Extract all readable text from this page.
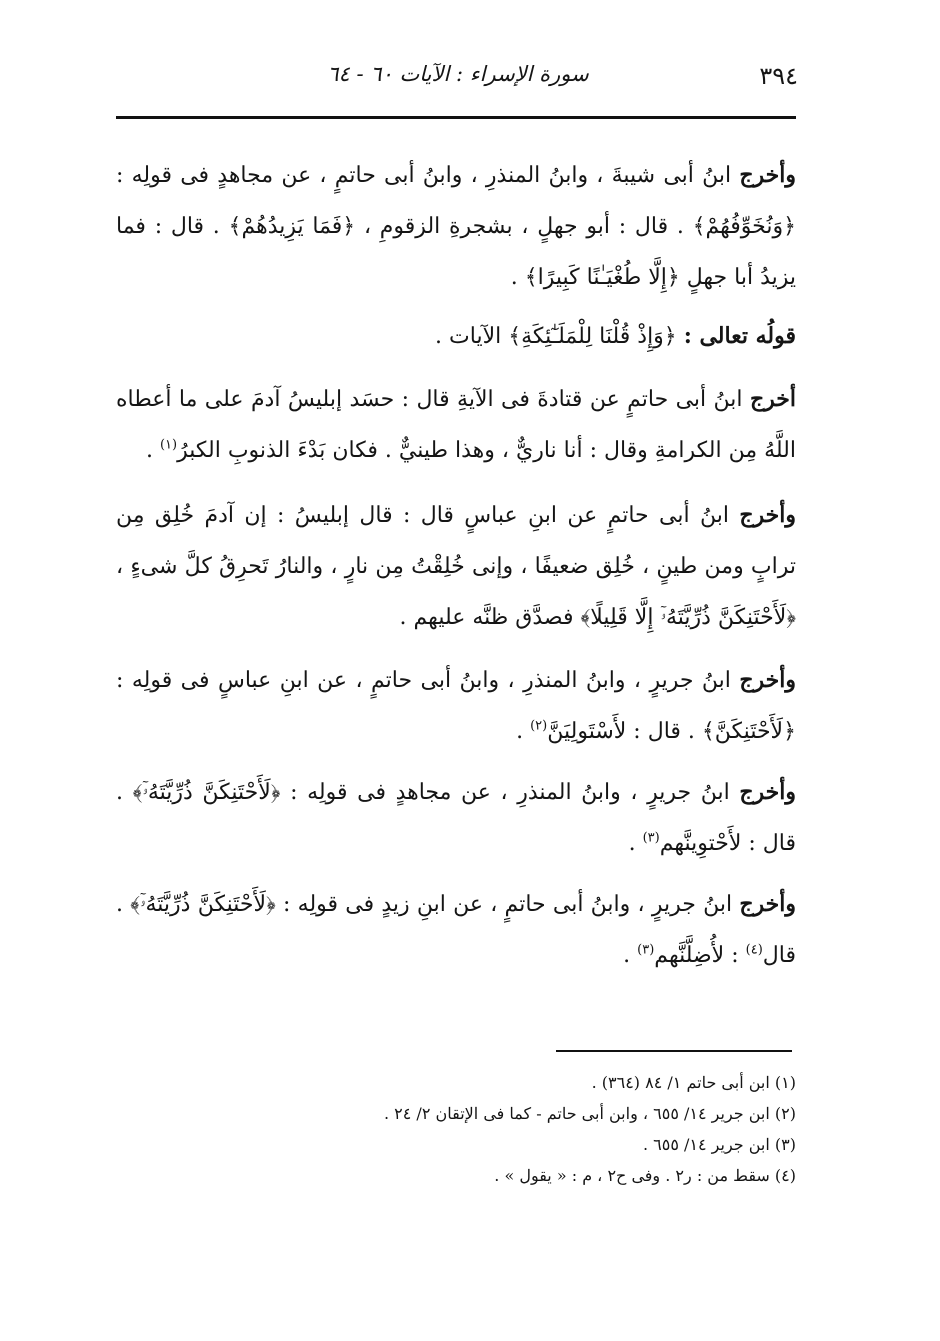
٣٩٤
سورة الإسراء : الآيات ٦٠ - ٦٤

وأخرج ابنُ أبى شيبةَ ، وابنُ المنذرِ ، وابنُ أبى حاتمٍ ، عن مجاهدٍ فى قولِه : ﴿وَنُخَوِّفُهُمْ﴾ . قال : أبو جهلٍ ، بشجرةِ الزقومِ ، ﴿فَمَا يَزِيدُهُمْ﴾ . قال : فما يزيدُ أبا جهلٍ ﴿إِلَّا طُغْيَـٰنًا كَبِيرًا﴾ .

قولُه تعالى : ﴿وَإِذْ قُلْنَا لِلْمَلَـٰٓئِكَةِ﴾ الآيات .

أخرج ابنُ أبى حاتمٍ عن قتادةَ فى الآيةِ قال : حسَد إبليسُ آدمَ على ما أعطاه اللَّهُ مِن الكرامةِ وقال : أنا ناريٌّ ، وهذا طينيٌّ . فكان بَدْءَ الذنوبِ الكبرُ$^{(١)}$ .

وأخرج ابنُ أبى حاتمٍ عن ابنِ عباسٍ قال : قال إبليسُ : إن آدمَ خُلِق مِن ترابٍ ومن طينٍ ، خُلِق ضعيفًا ، وإنى خُلِقْتُ مِن نارٍ ، والنارُ تَحرِقُ كلَّ شىءٍ ، ﴿لَأَحْتَنِكَنَّ ذُرِّيَّتَهُۥٓ إِلَّا قَلِيلًا﴾ فصدَّق ظنَّه عليهم .

وأخرج ابنُ جريرٍ ، وابنُ المنذرِ ، وابنُ أبى حاتمٍ ، عن ابنِ عباسٍ فى قولِه : ﴿لَأَحْتَنِكَنَّ﴾ . قال : لأَسْتَولِيَنَّ$^{(٢)}$ .

وأخرج ابنُ جريرٍ ، وابنُ المنذرِ ، عن مجاهدٍ فى قولِه : ﴿لَأَحْتَنِكَنَّ ذُرِّيَّتَهُۥٓ﴾ . قال : لأَحْتوِينَّهم$^{(٣)}$ .

وأخرج ابنُ جريرٍ ، وابنُ أبى حاتمٍ ، عن ابنِ زيدٍ فى قولِه : ﴿لَأَحْتَنِكَنَّ ذُرِّيَّتَهُۥٓ﴾ . قال$^{(٤)}$ : لأُضِلَّنَّهم$^{(٣)}$ .

(١) ابن أبى حاتم ١/ ٨٤ (٣٦٤) .

(٢) ابن جرير ١٤/ ٦٥٥ ، وابن أبى حاتم - كما فى الإتقان ٢/ ٢٤ .

(٣) ابن جرير ١٤/ ٦٥٥ .

(٤) سقط من : ر٢ . وفى ح٢ ، م : « يقول » .
